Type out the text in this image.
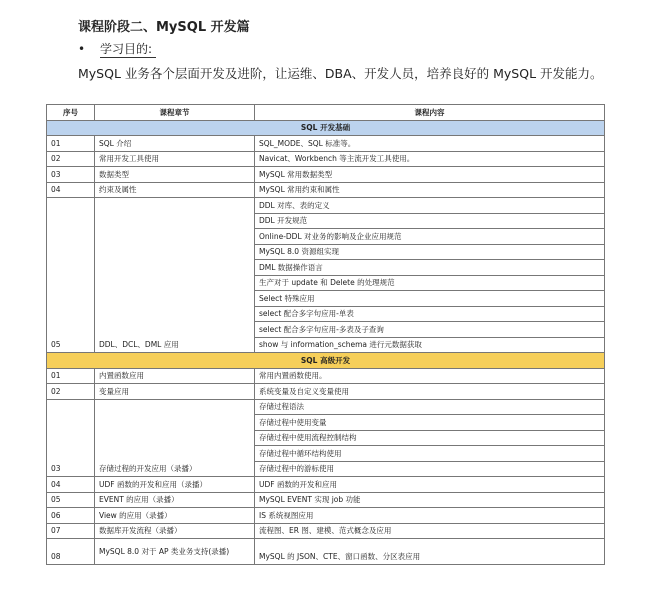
课程阶段二、MySQL 开发篇
• 学习目的:
MySQL 业务各个层面开发及进阶，让运维、DBA、开发人员，培养良好的 MySQL 开发能力。
序号	课程章节	课程内容
SQL 开发基础		
01	SQL 介绍	SQL_MODE、SQL 标准等。
02	常用开发工具使用	Navicat、Workbench 等主流开发工具使用。
03	数据类型	MySQL 常用数据类型
04	约束及属性	MySQL 常用约束和属性
05	DDL、DCL、DML 应用	DDL 对库、表的定义
		DDL 开发规范
		Online-DDL 对业务的影响及企业应用规范
		MySQL 8.0 资源组实现
		DML 数据操作语言
		生产对于 update 和 Delete 的处理规范
		Select 特殊应用
		select 配合多字句应用-单表
		select 配合多字句应用-多表及子查询
		show 与 information_schema 进行元数据获取
SQL 高级开发		
01	内置函数应用	常用内置函数使用。
02	变量应用	系统变量及自定义变量使用
03	存储过程的开发应用（录播）	存储过程语法
		存储过程中使用变量
		存储过程中使用流程控制结构
		存储过程中循环结构使用
		存储过程中的游标使用
04	UDF 函数的开发和应用（录播）	UDF 函数的开发和应用
05	EVENT 的应用（录播）	MySQL EVENT 实现 job 功能
06	View 的应用（录播）	IS 系统视图应用
07	数据库开发流程（录播）	流程图、ER 图、建模、范式概念及应用
08	MySQL 8.0 对于 AP 类业务支持(录播)	MySQL 的 JSON、CTE、窗口函数、分区表应用
